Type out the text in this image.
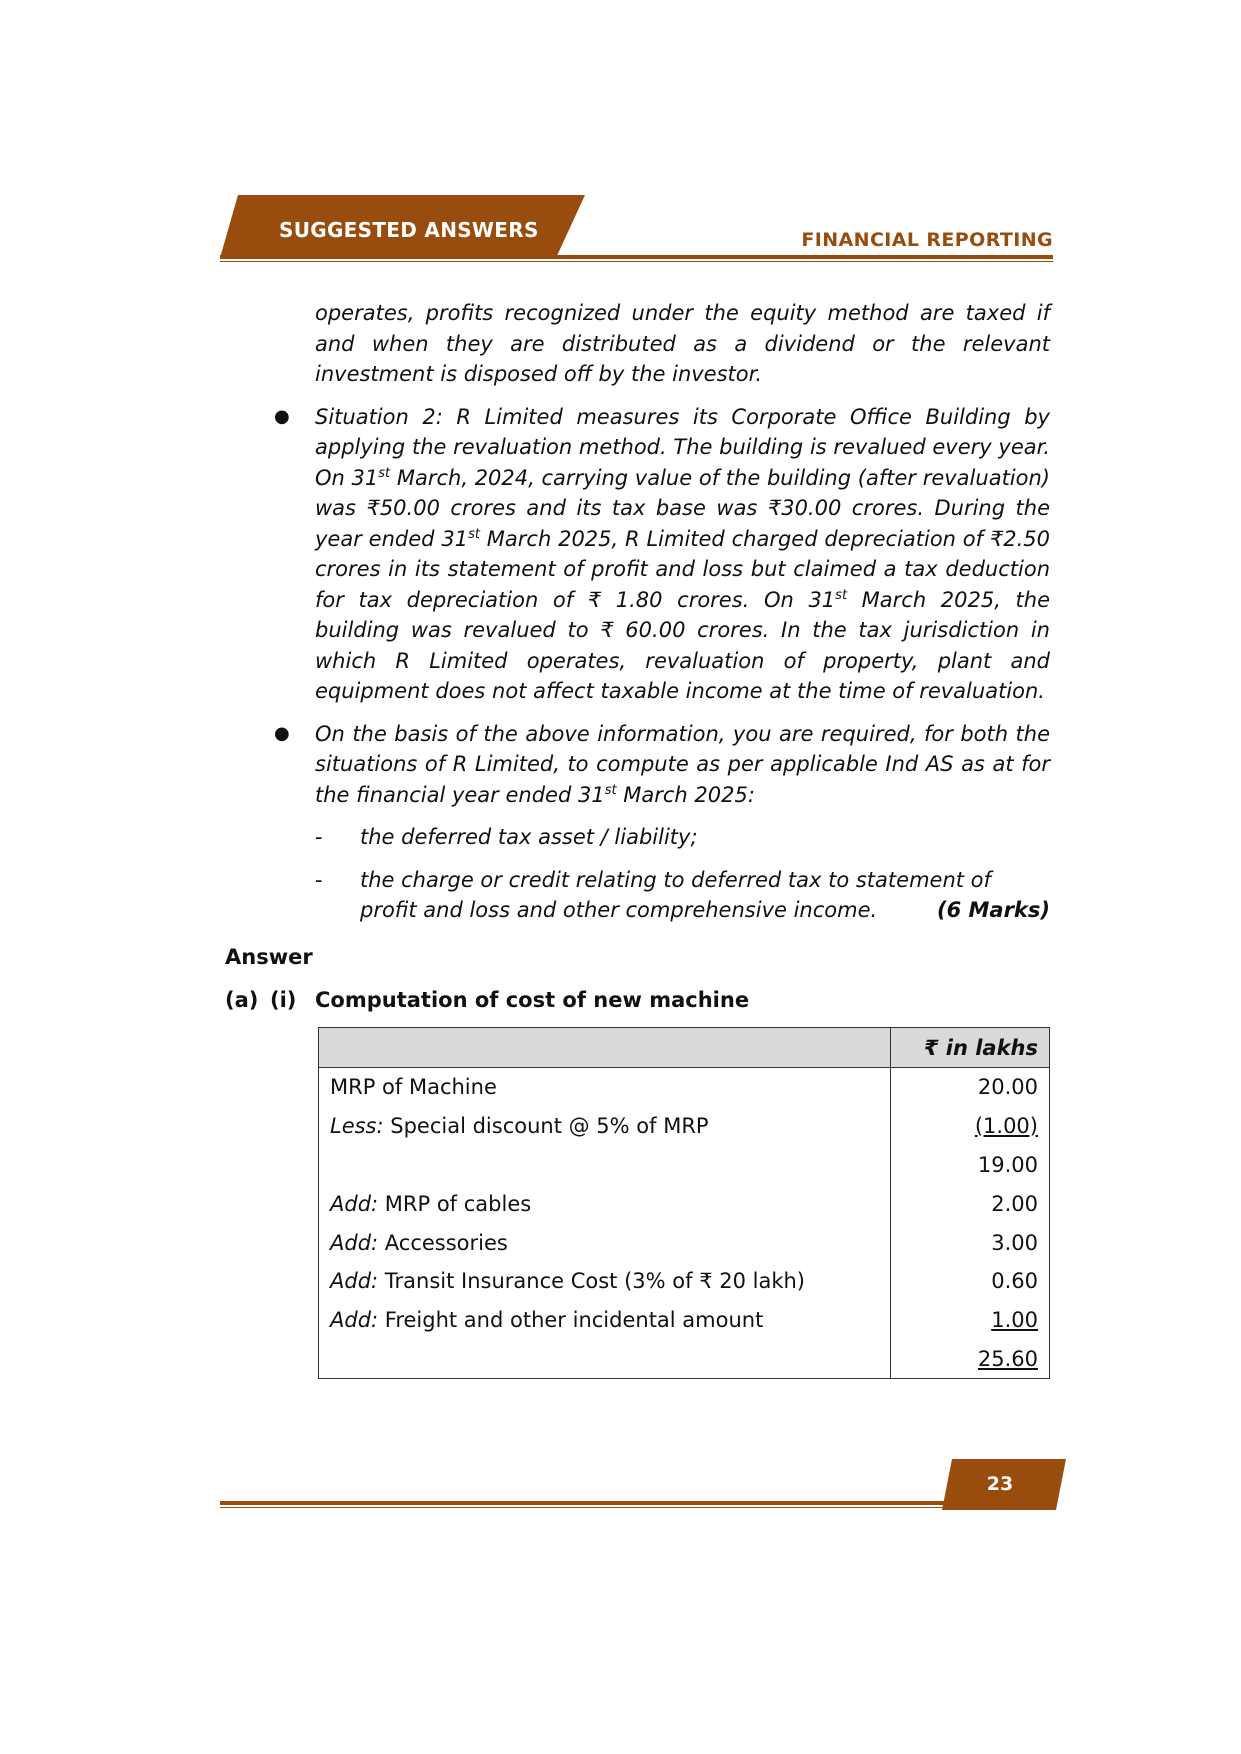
SUGGESTED ANSWERS	FINANCIAL REPORTING

operates, profits recognized under the equity method are taxed if and when they are distributed as a dividend or the relevant investment is disposed off by the investor.

● Situation 2: R Limited measures its Corporate Office Building by applying the revaluation method. The building is revalued every year. On 31st March, 2024, carrying value of the building (after revaluation) was ₹50.00 crores and its tax base was ₹30.00 crores. During the year ended 31st March 2025, R Limited charged depreciation of ₹2.50 crores in its statement of profit and loss but claimed a tax deduction for tax depreciation of ₹ 1.80 crores. On 31st March 2025, the building was revalued to ₹ 60.00 crores. In the tax jurisdiction in which R Limited operates, revaluation of property, plant and equipment does not affect taxable income at the time of revaluation.

● On the basis of the above information, you are required, for both the situations of R Limited, to compute as per applicable Ind AS as at for the financial year ended 31st March 2025:

- the deferred tax asset / liability;

- the charge or credit relating to deferred tax to statement of profit and loss and other comprehensive income.	(6 Marks)

Answer
(a) (i) Computation of cost of new machine
	₹ in lakhs
MRP of Machine	20.00
Less: Special discount @ 5% of MRP	(1.00)
	19.00
Add: MRP of cables	2.00
Add: Accessories	3.00
Add: Transit Insurance Cost (3% of ₹ 20 lakh)	0.60
Add: Freight and other incidental amount	1.00
	25.60
23
